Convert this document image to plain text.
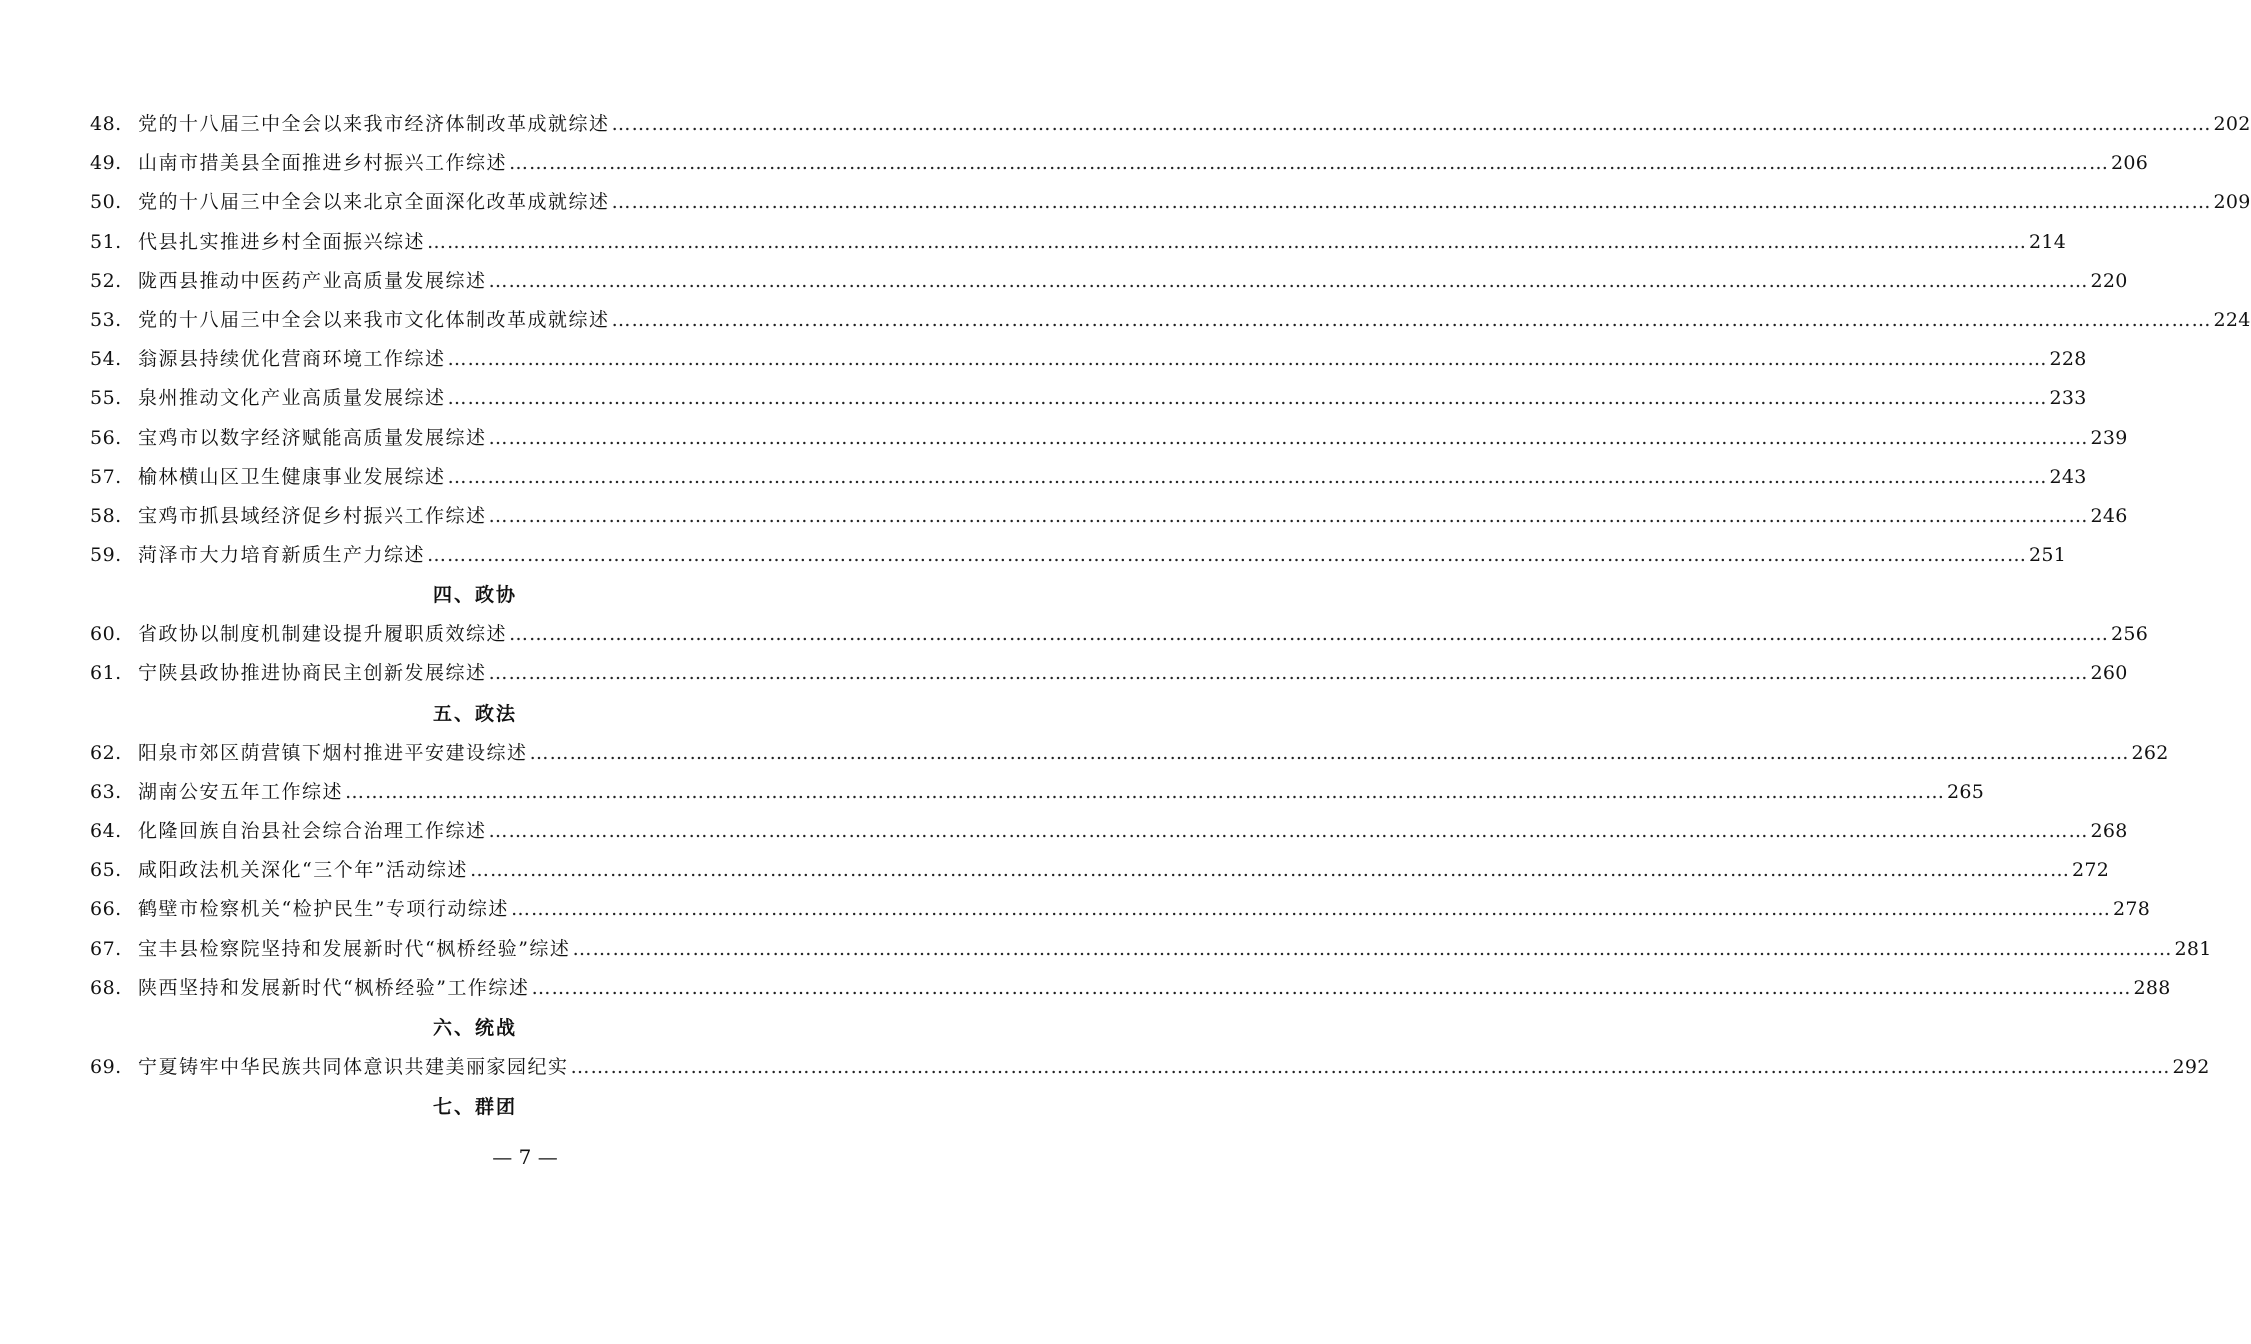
48. 党的十八届三中全会以来我市经济体制改革成就综述 …………………………………………………………………………………………………………………………………………………………………………………………………………………… 202
49. 山南市措美县全面推进乡村振兴工作综述 …………………………………………………………………………………………………………………………………………………………………………………………………………………… 206
50. 党的十八届三中全会以来北京全面深化改革成就综述 …………………………………………………………………………………………………………………………………………………………………………………………………………………… 209
51. 代县扎实推进乡村全面振兴综述 …………………………………………………………………………………………………………………………………………………………………………………………………………………… 214
52. 陇西县推动中医药产业高质量发展综述 …………………………………………………………………………………………………………………………………………………………………………………………………………………… 220
53. 党的十八届三中全会以来我市文化体制改革成就综述 …………………………………………………………………………………………………………………………………………………………………………………………………………………… 224
54. 翁源县持续优化营商环境工作综述 …………………………………………………………………………………………………………………………………………………………………………………………………………………… 228
55. 泉州推动文化产业高质量发展综述 …………………………………………………………………………………………………………………………………………………………………………………………………………………… 233
56. 宝鸡市以数字经济赋能高质量发展综述 …………………………………………………………………………………………………………………………………………………………………………………………………………………… 239
57. 榆林横山区卫生健康事业发展综述 …………………………………………………………………………………………………………………………………………………………………………………………………………………… 243
58. 宝鸡市抓县域经济促乡村振兴工作综述 …………………………………………………………………………………………………………………………………………………………………………………………………………………… 246
59. 菏泽市大力培育新质生产力综述 …………………………………………………………………………………………………………………………………………………………………………………………………………………… 251
四、政协
60. 省政协以制度机制建设提升履职质效综述 …………………………………………………………………………………………………………………………………………………………………………………………………………………… 256
61. 宁陕县政协推进协商民主创新发展综述 …………………………………………………………………………………………………………………………………………………………………………………………………………………… 260
五、政法
62. 阳泉市郊区荫营镇下烟村推进平安建设综述 …………………………………………………………………………………………………………………………………………………………………………………………………………………… 262
63. 湖南公安五年工作综述 …………………………………………………………………………………………………………………………………………………………………………………………………………………… 265
64. 化隆回族自治县社会综合治理工作综述 …………………………………………………………………………………………………………………………………………………………………………………………………………………… 268
65. 咸阳政法机关深化“三个年”活动综述 …………………………………………………………………………………………………………………………………………………………………………………………………………………… 272
66. 鹤壁市检察机关“检护民生”专项行动综述 …………………………………………………………………………………………………………………………………………………………………………………………………………………… 278
67. 宝丰县检察院坚持和发展新时代“枫桥经验”综述 …………………………………………………………………………………………………………………………………………………………………………………………………………………… 281
68. 陕西坚持和发展新时代“枫桥经验”工作综述 …………………………………………………………………………………………………………………………………………………………………………………………………………………… 288
六、统战
69. 宁夏铸牢中华民族共同体意识共建美丽家园纪实 …………………………………………………………………………………………………………………………………………………………………………………………………………………… 292
七、群团
— 7 —
